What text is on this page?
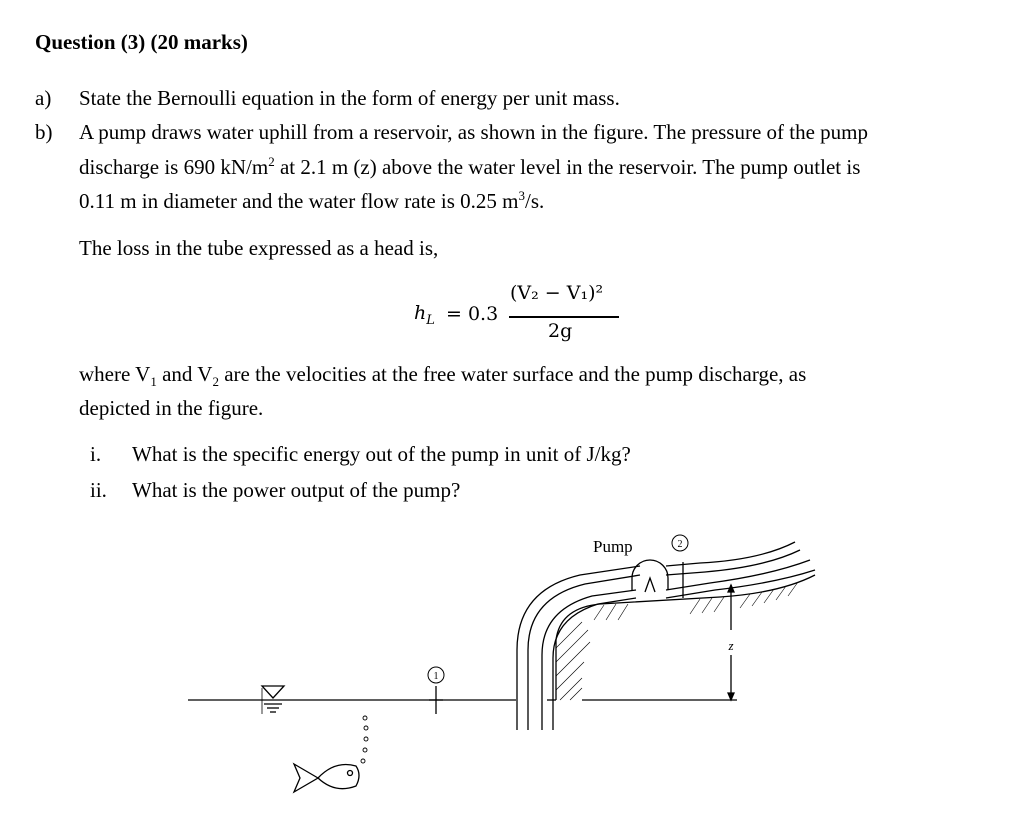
Question (3) (20 marks)
a) State the Bernoulli equation in the form of energy per unit mass.
b) A pump draws water uphill from a reservoir, as shown in the figure. The pressure of the pump
discharge is 690 $kN/m^2$ at 2.1 m (z) above the water level in the reservoir. The pump outlet is
0.11 m in diameter and the water flow rate is 0.25 $m^3/s$.
The loss in the tube expressed as a head is,
$h_L = 0.3$
(V₂ − V₁)²
2g
where $V_1$ and $V_2$ are the velocities at the free water surface and the pump discharge, as
depicted in the figure.
i. What is the specific energy out of the pump in unit of J/kg?
ii. What is the power output of the pump?
Pump
1
2
z
